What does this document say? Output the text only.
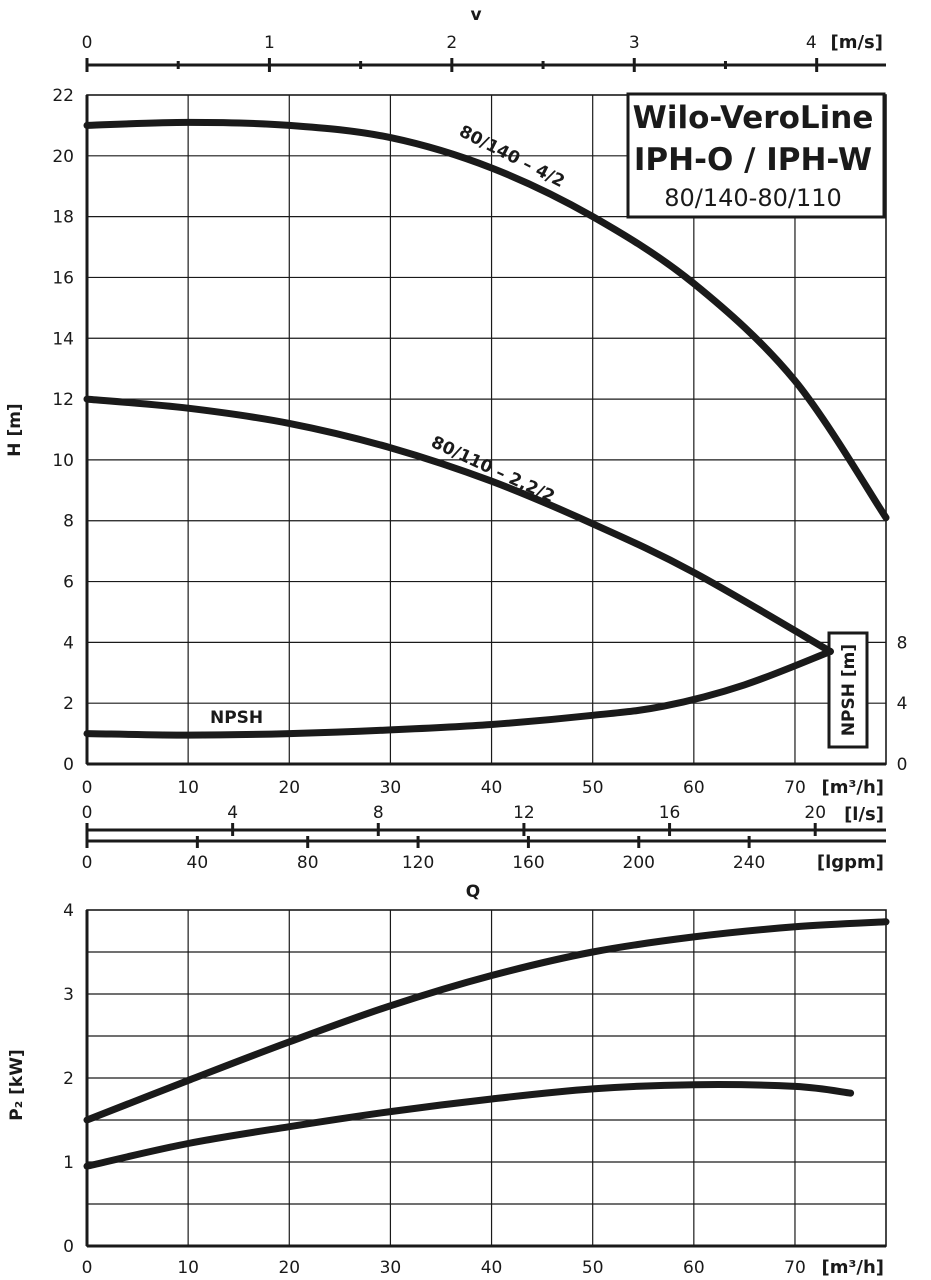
v
[m/s]
0	1	2	3	4
0
2
4
6
8
10
12
14
16
18
20
22
0	10	20	30	40	50	60	70
H [m]
[m³/h]
[l/s]
0	4	8	12	16	20
[lgpm]
0	40	80	120	160	200	240
Q
NPSH [m]
0
4
8
80/140 – 4/2
80/110 – 2,2/2
NPSH
Wilo-VeroLine
IPH-O / IPH-W
80/140-80/110
0
1
2
3
4
0	10	20	30	40	50	60	70
P₂ [kW]
[m³/h]
